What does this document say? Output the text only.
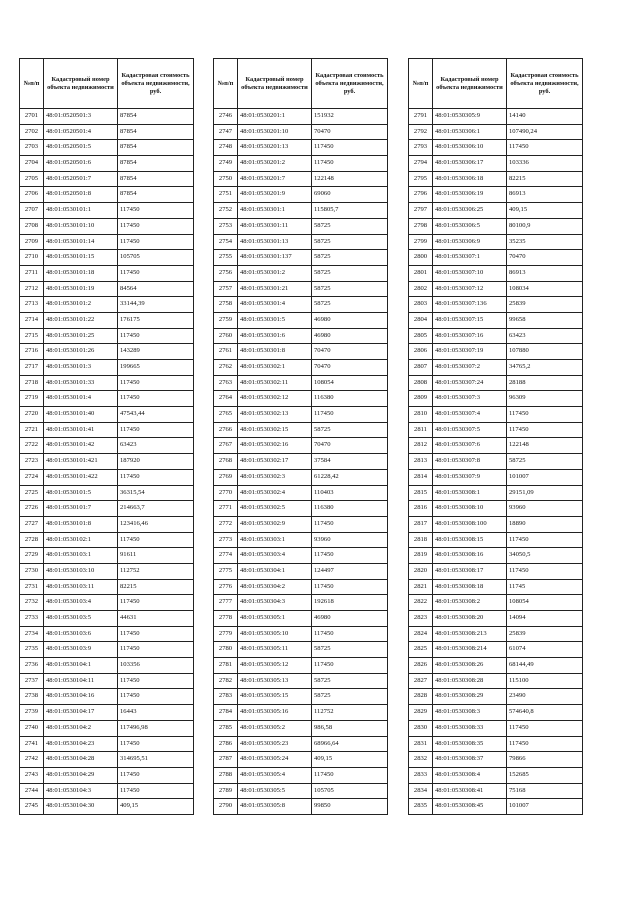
№п/п	Кадастровый номер объекта недвижимости	Кадастровая стоимость объекта недвижимости, руб.
2701	48:01:0520501:3	87854
2702	48:01:0520501:4	87854
2703	48:01:0520501:5	87854
2704	48:01:0520501:6	87854
2705	48:01:0520501:7	87854
2706	48:01:0520501:8	87854
2707	48:01:0530101:1	117450
2708	48:01:0530101:10	117450
2709	48:01:0530101:14	117450
2710	48:01:0530101:15	105705
2711	48:01:0530101:18	117450
2712	48:01:0530101:19	84564
2713	48:01:0530101:2	33144,39
2714	48:01:0530101:22	176175
2715	48:01:0530101:25	117450
2716	48:01:0530101:26	143289
2717	48:01:0530101:3	199665
2718	48:01:0530101:33	117450
2719	48:01:0530101:4	117450
2720	48:01:0530101:40	47543,44
2721	48:01:0530101:41	117450
2722	48:01:0530101:42	63423
2723	48:01:0530101:421	187920
2724	48:01:0530101:422	117450
2725	48:01:0530101:5	36315,54
2726	48:01:0530101:7	214663,7
2727	48:01:0530101:8	123416,46
2728	48:01:0530102:1	117450
2729	48:01:0530103:1	91611
2730	48:01:0530103:10	112752
2731	48:01:0530103:11	82215
2732	48:01:0530103:4	117450
2733	48:01:0530103:5	44631
2734	48:01:0530103:6	117450
2735	48:01:0530103:9	117450
2736	48:01:0530104:1	103356
2737	48:01:0530104:11	117450
2738	48:01:0530104:16	117450
2739	48:01:0530104:17	16443
2740	48:01:0530104:2	117496,98
2741	48:01:0530104:23	117450
2742	48:01:0530104:28	314695,51
2743	48:01:0530104:29	117450
2744	48:01:0530104:3	117450
2745	48:01:0530104:30	409,15
№п/п	Кадастровый номер объекта недвижимости	Кадастровая стоимость объекта недвижимости, руб.
2746	48:01:0530201:1	151932
2747	48:01:0530201:10	70470
2748	48:01:0530201:13	117450
2749	48:01:0530201:2	117450
2750	48:01:0530201:7	122148
2751	48:01:0530201:9	69060
2752	48:01:0530301:1	115805,7
2753	48:01:0530301:11	58725
2754	48:01:0530301:13	58725
2755	48:01:0530301:137	58725
2756	48:01:0530301:2	58725
2757	48:01:0530301:21	58725
2758	48:01:0530301:4	58725
2759	48:01:0530301:5	46980
2760	48:01:0530301:6	46980
2761	48:01:0530301:8	70470
2762	48:01:0530302:1	70470
2763	48:01:0530302:11	108054
2764	48:01:0530302:12	116380
2765	48:01:0530302:13	117450
2766	48:01:0530302:15	58725
2767	48:01:0530302:16	70470
2768	48:01:0530302:17	37584
2769	48:01:0530302:3	61228,42
2770	48:01:0530302:4	110403
2771	48:01:0530302:5	116380
2772	48:01:0530302:9	117450
2773	48:01:0530303:1	93960
2774	48:01:0530303:4	117450
2775	48:01:0530304:1	124497
2776	48:01:0530304:2	117450
2777	48:01:0530304:3	192618
2778	48:01:0530305:1	46980
2779	48:01:0530305:10	117450
2780	48:01:0530305:11	58725
2781	48:01:0530305:12	117450
2782	48:01:0530305:13	58725
2783	48:01:0530305:15	58725
2784	48:01:0530305:16	112752
2785	48:01:0530305:2	986,58
2786	48:01:0530305:23	68966,64
2787	48:01:0530305:24	409,15
2788	48:01:0530305:4	117450
2789	48:01:0530305:5	105705
2790	48:01:0530305:8	99850
№п/п	Кадастровый номер объекта недвижимости	Кадастровая стоимость объекта недвижимости, руб.
2791	48:01:0530305:9	14140
2792	48:01:0530306:1	107490,24
2793	48:01:0530306:10	117450
2794	48:01:0530306:17	103336
2795	48:01:0530306:18	82215
2796	48:01:0530306:19	86913
2797	48:01:0530306:25	409,15
2798	48:01:0530306:5	80100,9
2799	48:01:0530306:9	35235
2800	48:01:0530307:1	70470
2801	48:01:0530307:10	86913
2802	48:01:0530307:12	108034
2803	48:01:0530307:136	25839
2804	48:01:0530307:15	99658
2805	48:01:0530307:16	63423
2806	48:01:0530307:19	107880
2807	48:01:0530307:2	34765,2
2808	48:01:0530307:24	28188
2809	48:01:0530307:3	96309
2810	48:01:0530307:4	117450
2811	48:01:0530307:5	117450
2812	48:01:0530307:6	122148
2813	48:01:0530307:8	58725
2814	48:01:0530307:9	101007
2815	48:01:0530308:1	29151,09
2816	48:01:0530308:10	93960
2817	48:01:0530308:100	18890
2818	48:01:0530308:15	117450
2819	48:01:0530308:16	34050,5
2820	48:01:0530308:17	117450
2821	48:01:0530308:18	11745
2822	48:01:0530308:2	108054
2823	48:01:0530308:20	14094
2824	48:01:0530308:213	25839
2825	48:01:0530308:214	61074
2826	48:01:0530308:26	68144,49
2827	48:01:0530308:28	115100
2828	48:01:0530308:29	23490
2829	48:01:0530308:3	574640,8
2830	48:01:0530308:33	117450
2831	48:01:0530308:35	117450
2832	48:01:0530308:37	79866
2833	48:01:0530308:4	152685
2834	48:01:0530308:41	75168
2835	48:01:0530308:45	101007
